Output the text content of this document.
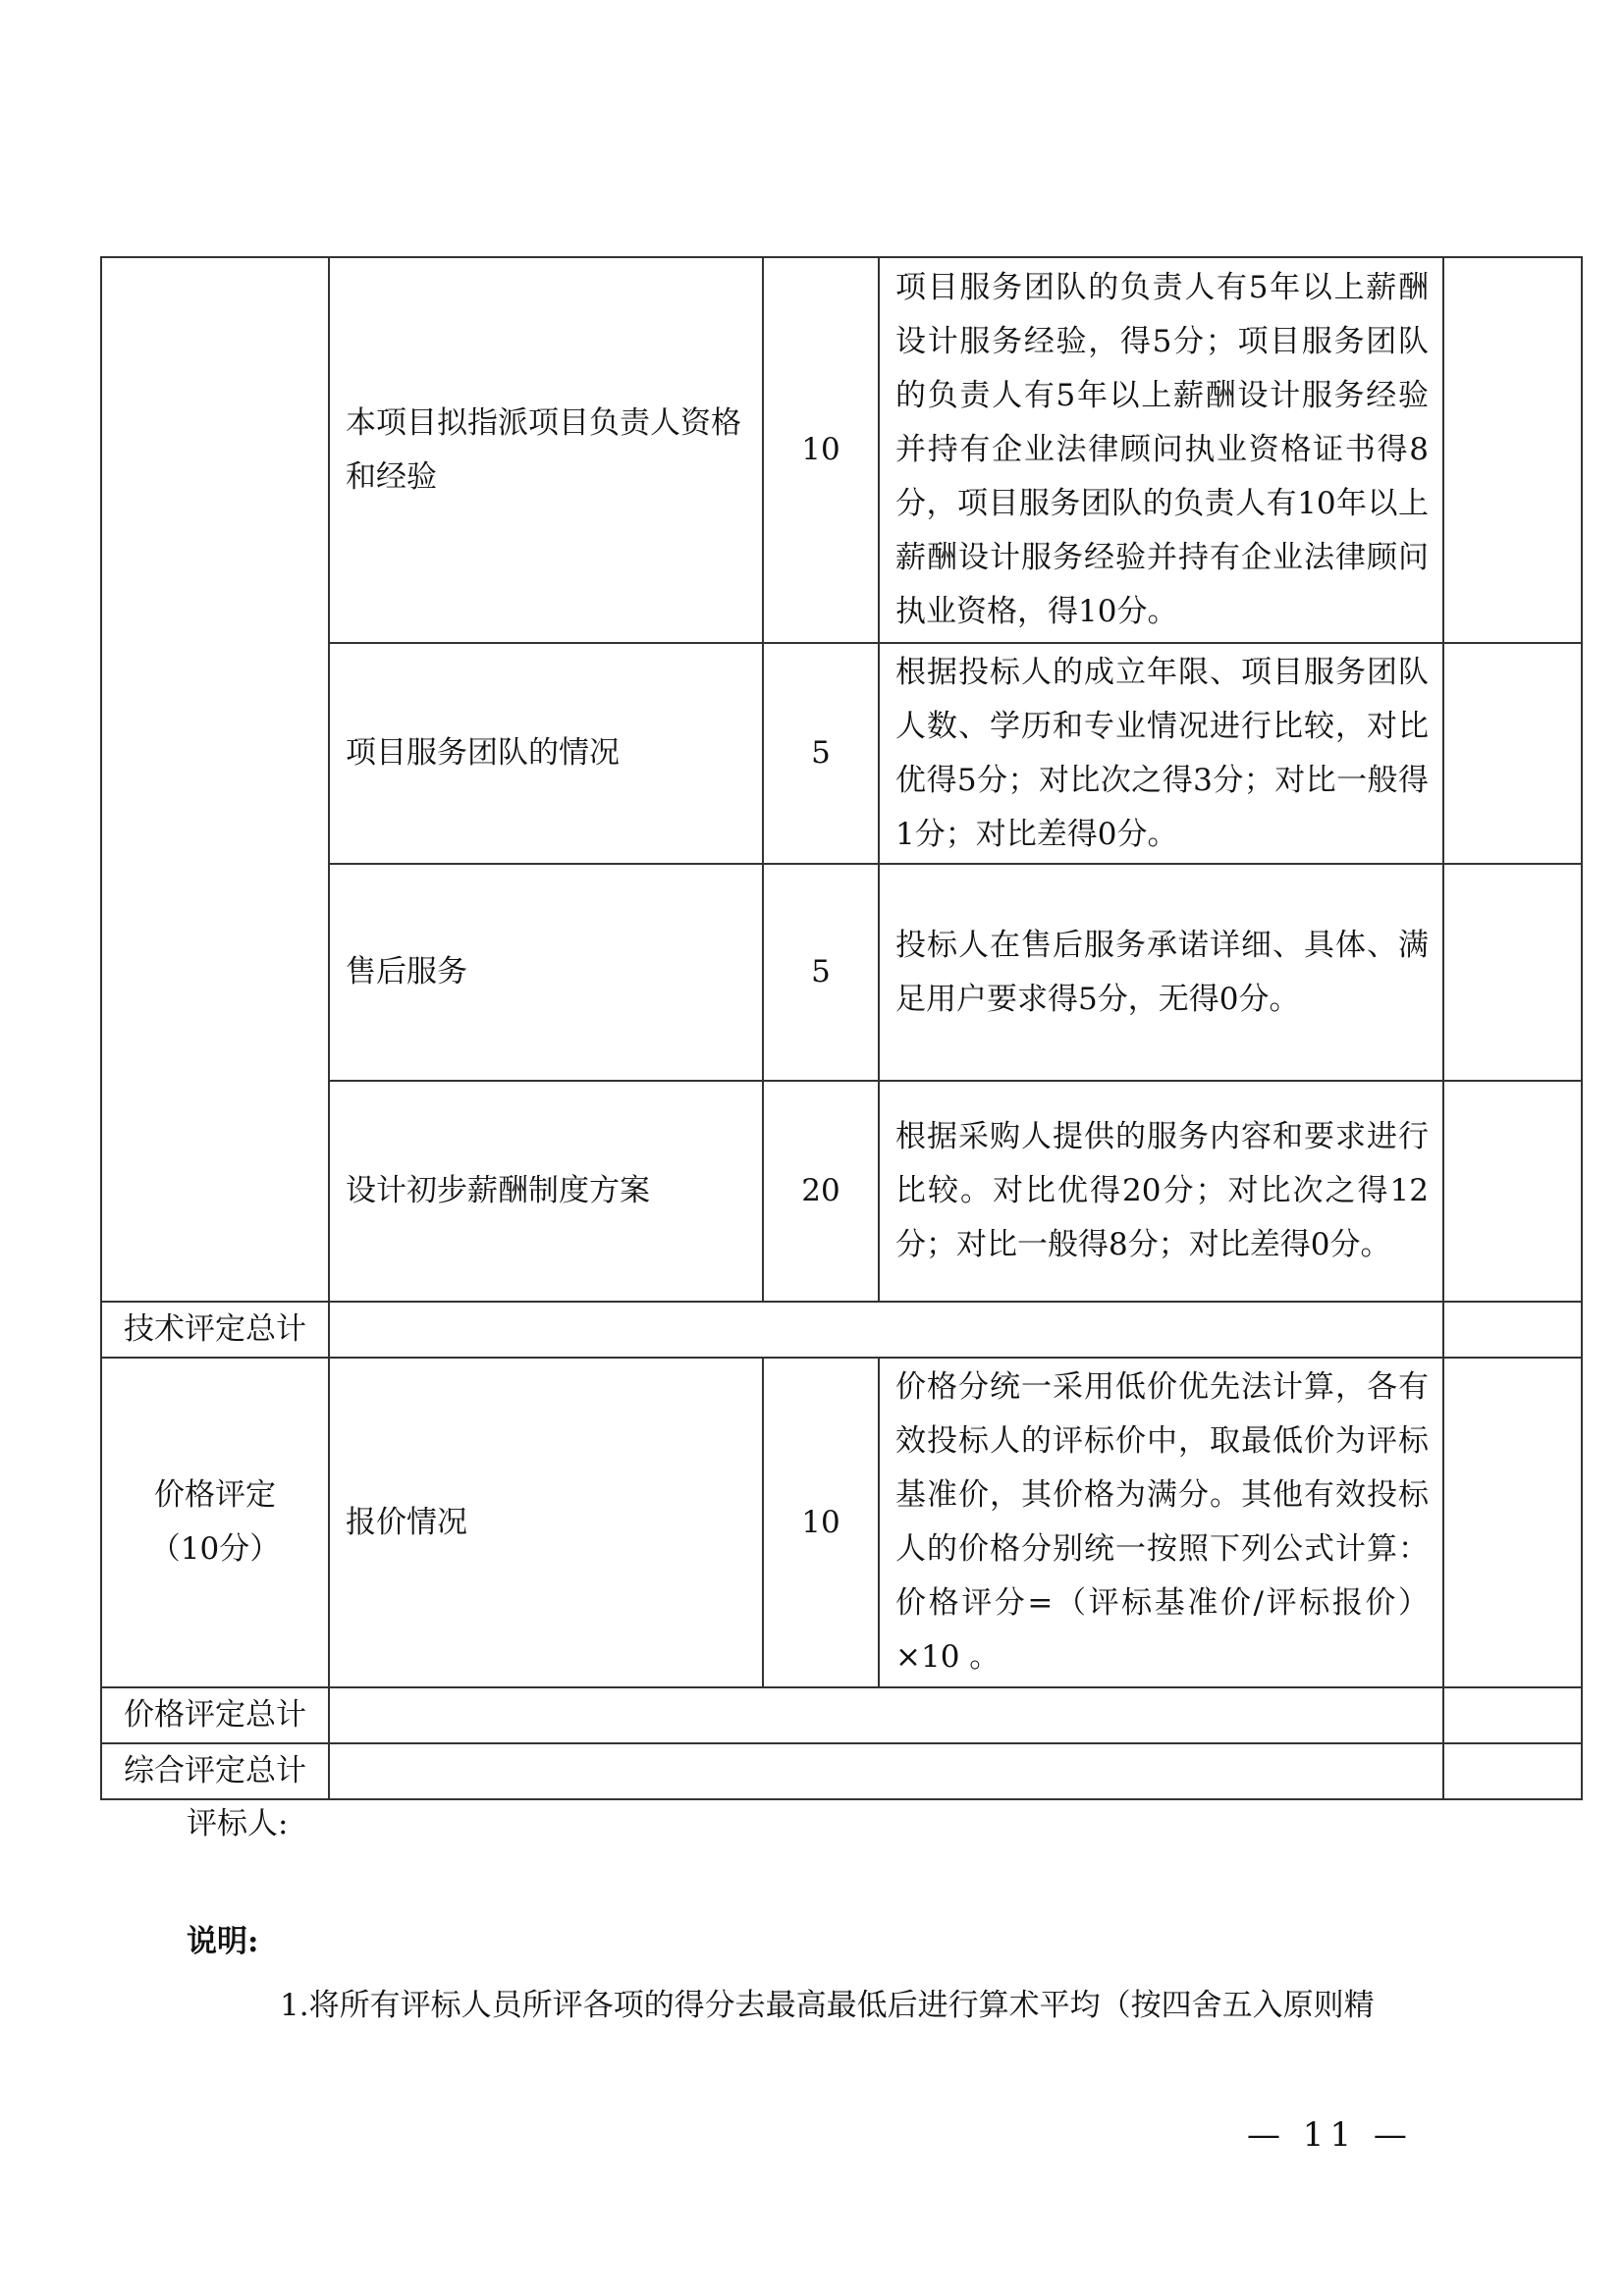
	本项目拟指派项目负责人资格和经验	10	项目服务团队的负责人有5年以上薪酬设计服务经验，得5分；项目服务团队的负责人有5年以上薪酬设计服务经验并持有企业法律顾问执业资格证书得8分，项目服务团队的负责人有10年以上薪酬设计服务经验并持有企业法律顾问执业资格，得10分。	
	项目服务团队的情况	5	根据投标人的成立年限、项目服务团队人数、学历和专业情况进行比较，对比优得5分；对比次之得3分；对比一般得1分；对比差得0分。	
	售后服务	5	投标人在售后服务承诺详细、具体、满足用户要求得5分，无得0分。	
	设计初步薪酬制度方案	20	根据采购人提供的服务内容和要求进行比较。对比优得20分；对比次之得12分；对比一般得8分；对比差得0分。	
技术评定总计				

价格评定
（10分）	报价情况	10	价格分统一采用低价优先法计算，各有效投标人的评标价中，取最低价为评标基准价，其价格为满分。其他有效投标人的价格分别统一按照下列公式计算：价格评分=（评标基准价/评标报价）×10 。	
价格评定总计				
综合评定总计				
评标人:
说明:
1.将所有评标人员所评各项的得分去最高最低后进行算术平均（按四舍五入原则精
— 11 —
